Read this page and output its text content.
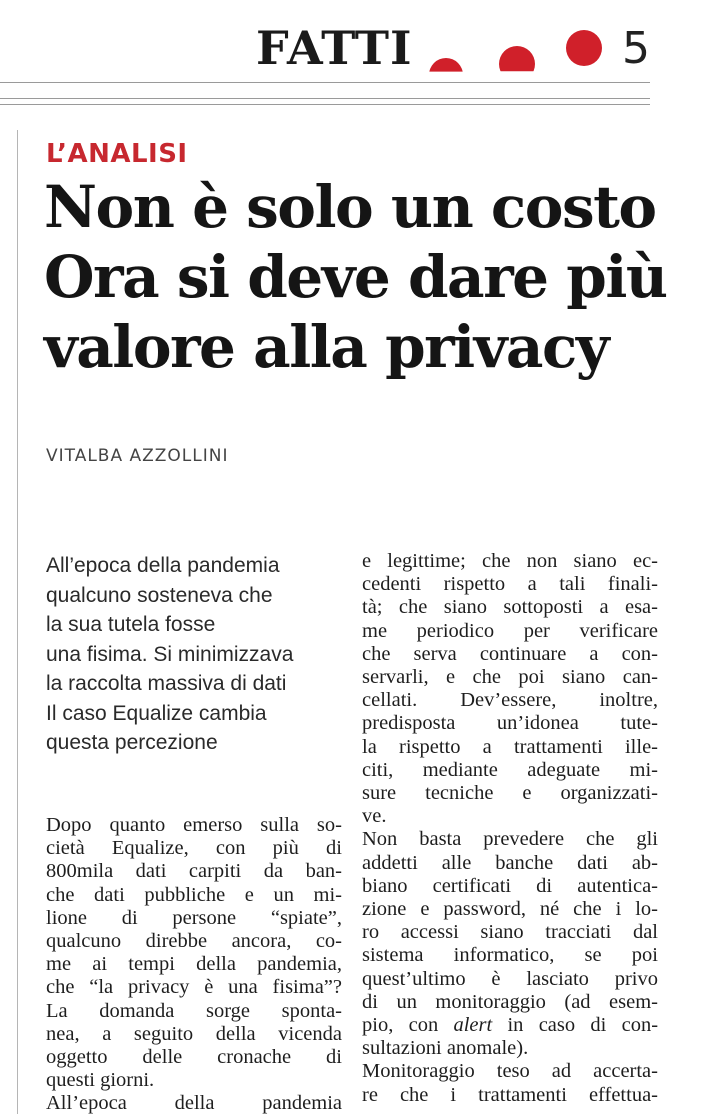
FATTI	5
L’ANALISI
Non è solo un costo
Ora si deve dare più
valore alla privacy
VITALBA AZZOLLINI
All’epoca della pandemia
qualcuno sosteneva che
la sua tutela fosse
una fisima. Si minimizzava
la raccolta massiva di dati
Il caso Equalize cambia
questa percezione
Dopo quanto emerso sulla so-
cietà Equalize, con più di
800mila dati carpiti da ban-
che dati pubbliche e un mi-
lione di persone “spiate”,
qualcuno direbbe ancora, co-
me ai tempi della pandemia,
che “la privacy è una fisima”?
La domanda sorge sponta-
nea, a seguito della vicenda
oggetto delle cronache di
questi giorni.
All’epoca della pandemia
e legittime; che non siano ec-
cedenti rispetto a tali finali-
tà; che siano sottoposti a esa-
me periodico per verificare
che serva continuare a con-
servarli, e che poi siano can-
cellati. Dev’essere, inoltre,
predisposta un’idonea tute-
la rispetto a trattamenti ille-
citi, mediante adeguate mi-
sure tecniche e organizzati-
ve.
Non basta prevedere che gli
addetti alle banche dati ab-
biano certificati di autentica-
zione e password, né che i lo-
ro accessi siano tracciati dal
sistema informatico, se poi
quest’ultimo è lasciato privo
di un monitoraggio (ad esem-
pio, con alert in caso di con-
sultazioni anomale).
Monitoraggio teso ad accerta-
re che i trattamenti effettua-
